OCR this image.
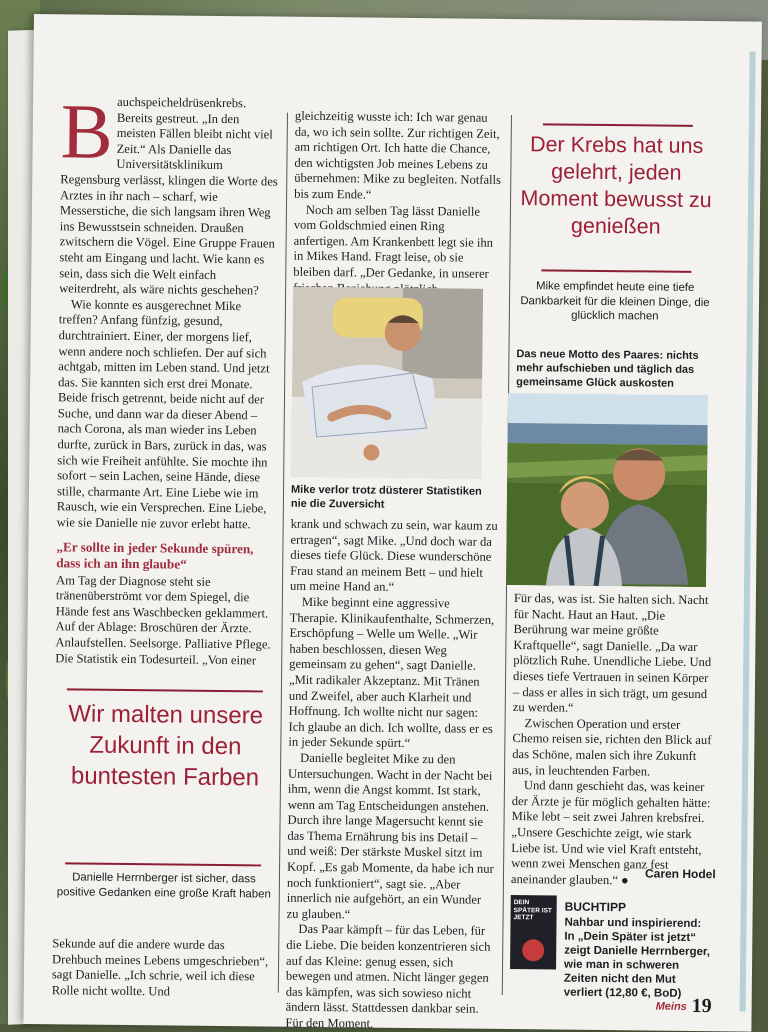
B auchspeicheldrüsenkrebs. Bereits gestreut. „In den meisten Fällen bleibt nicht viel Zeit.“ Als Danielle das Universitätsklinikum Regensburg verlässt, klingen die Worte des Arztes in ihr nach – scharf, wie Messerstiche, die sich langsam ihren Weg ins Bewusstsein schneiden. Draußen zwitschern die Vögel. Eine Gruppe Frauen steht am Eingang und lacht. Wie kann es sein, dass sich die Welt einfach weiterdreht, als wäre nichts geschehen?

Wie konnte es ausgerechnet Mike treffen? Anfang fünfzig, gesund, durchtrainiert. Einer, der morgens lief, wenn andere noch schliefen. Der auf sich achtgab, mitten im Leben stand. Und jetzt das. Sie kannten sich erst drei Monate. Beide frisch getrennt, beide nicht auf der Suche, und dann war da dieser Abend – nach Corona, als man wieder ins Leben durfte, zurück in Bars, zurück in das, was sich wie Freiheit anfühlte. Sie mochte ihn sofort – sein Lachen, seine Hände, diese stille, charmante Art. Eine Liebe wie im Rausch, wie ein Versprechen. Eine Liebe, wie sie Danielle nie zuvor erlebt hatte.

„Er sollte in jeder Sekunde spüren, dass ich an ihn glaube“

Am Tag der Diagnose steht sie tränenüberströmt vor dem Spiegel, die Hände fest ans Waschbecken geklammert. Auf der Ablage: Broschüren der Ärzte. Anlaufstellen. Seelsorge. Palliative Pflege. Die Statistik ein Todesurteil. „Von einer

Wir malten unsere Zukunft in den buntesten Farben
Danielle Herrnberger ist sicher, dass positive Gedanken eine große Kraft haben

Sekunde auf die andere wurde das Drehbuch meines Lebens umgeschrieben“, sagt Danielle. „Ich schrie, weil ich diese Rolle nicht wollte. Und

gleichzeitig wusste ich: Ich war genau da, wo ich sein sollte. Zur richtigen Zeit, am richtigen Ort. Ich hatte die Chance, den wichtigsten Job meines Lebens zu übernehmen: Mike zu begleiten. Notfalls bis zum Ende.“

Noch am selben Tag lässt Danielle vom Goldschmied einen Ring anfertigen. Am Krankenbett legt sie ihn in Mikes Hand. Fragt leise, ob sie bleiben darf. „Der Gedanke, in unserer

Mike verlor trotz düsterer Statistiken nie die Zuversicht

krank und schwach zu sein, war kaum zu ertragen“, sagt Mike. „Und doch war da dieses tiefe Glück. Diese wunderschöne Frau stand an meinem Bett – und hielt um meine Hand an.“

Mike beginnt eine aggressive Therapie. Klinikaufenthalte, Schmerzen, Erschöpfung – Welle um Welle. „Wir haben beschlossen, diesen Weg gemeinsam zu gehen“, sagt Danielle. „Mit radikaler Akzeptanz. Mit Tränen und Zweifel, aber auch Klarheit und Hoffnung. Ich wollte nicht nur sagen: Ich glaube an dich. Ich wollte, dass er es in jeder Sekunde spürt.“

Danielle begleitet Mike zu den Untersuchungen. Wacht in der Nacht bei ihm, wenn die Angst kommt. Ist stark, wenn am Tag Entscheidungen anstehen. Durch ihre lange Magersucht kennt sie das Thema Ernährung bis ins Detail – und weiß: Der stärkste Muskel sitzt im Kopf. „Es gab Momente, da habe ich nur noch funktioniert“, sagt sie. „Aber innerlich nie aufgehört, an ein Wunder zu glauben.“

Das Paar kämpft – für das Leben, für die Liebe. Die beiden konzentrieren sich auf das Kleine: genug essen, sich bewegen und atmen. Nicht länger gegen das kämpfen, was sich sowieso nicht ändern lässt. Stattdessen dankbar sein. Für den Moment.

Der Krebs hat uns gelehrt, jeden Moment bewusst zu genießen
Mike empfindet heute eine tiefe Dankbarkeit für die kleinen Dinge, die glücklich machen
Das neue Motto des Paares: nichts mehr aufschieben und täglich das gemeinsame Glück auskosten

Für das, was ist. Sie halten sich. Nacht für Nacht. Haut an Haut. „Die Berührung war meine größte Kraftquelle“, sagt Danielle. „Da war plötzlich Ruhe. Unendliche Liebe. Und dieses tiefe Vertrauen in seinen Körper – dass er alles in sich trägt, um gesund zu werden.“

Zwischen Operation und erster Chemo reisen sie, richten den Blick auf das Schöne, malen sich ihre Zukunft aus, in leuchtenden Farben.

Und dann geschieht das, was keiner der Ärzte je für möglich gehalten hätte: Mike lebt – seit zwei Jahren krebsfrei. „Unsere Geschichte zeigt, wie stark Liebe ist. Und wie viel Kraft entsteht, wenn zwei Menschen ganz fest aneinander glauben.“ ●	Caren Hodel
DEIN SPÄTER IST JETZT
BUCHTIPP
Nahbar und inspirierend: In „Dein Später ist jetzt“ zeigt Danielle Herrnberger, wie man in schweren Zeiten nicht den Mut verliert (12,80 €, BoD)
Meins 19
